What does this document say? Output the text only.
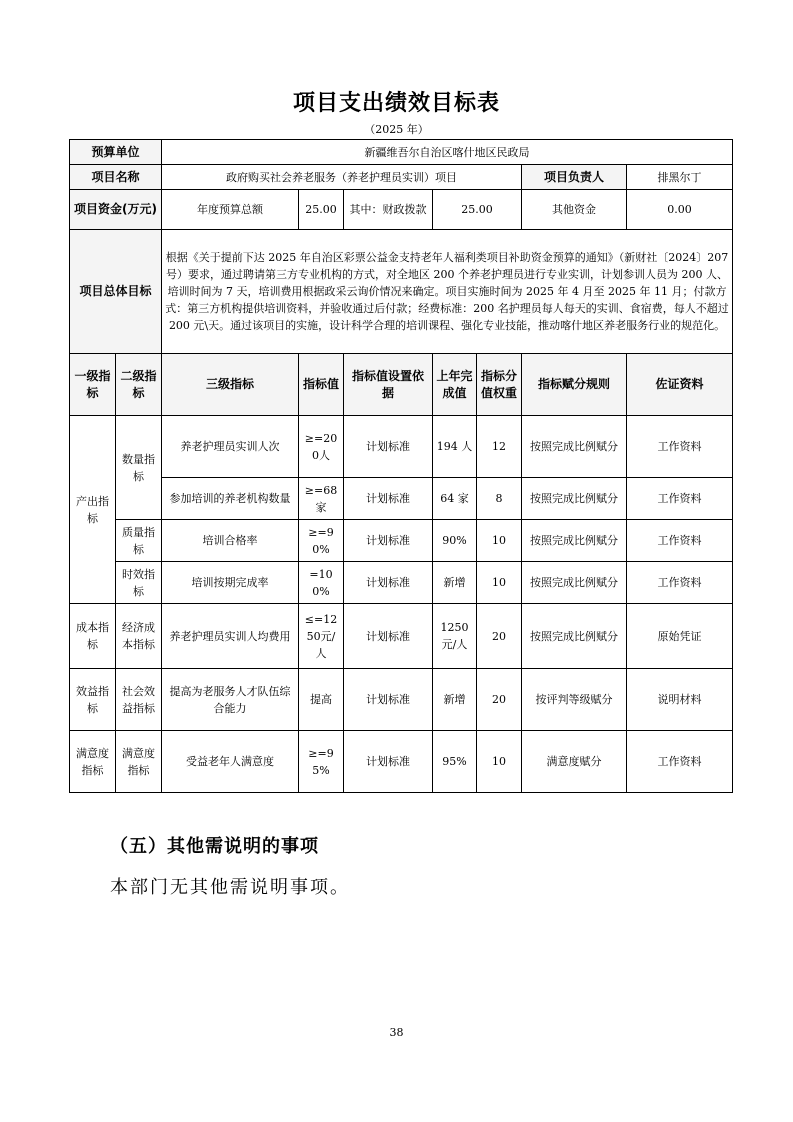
项目支出绩效目标表
（2025 年）
预算单位		新疆维吾尔自治区喀什地区民政局						
项目名称		政府购买社会养老服务（养老护理员实训）项目					项目负责人	排黑尔丁
项目资金(万元)		年度预算总额	25.00	其中：财政拨款	25.00		其他资金	0.00
项目总体目标		根据《关于提前下达 2025 年自治区彩票公益金支持老年人福利类项目补助资金预算的通知》（新财社〔2024〕207 号）要求，通过聘请第三方专业机构的方式，对全地区 200 个养老护理员进行专业实训，计划参训人员为 200 人、培训时间为 7 天，培训费用根据政采云询价情况来确定。项目实施时间为 2025 年 4 月至 2025 年 11 月；付款方式：第三方机构提供培训资料，并验收通过后付款；经费标准：200 名护理员每人每天的实训、食宿费，每人不超过 200 元\天。通过该项目的实施，设计科学合理的培训课程、强化专业技能，推动喀什地区养老服务行业的规范化。						
一级指标	二级指标	三级指标	指标值	指标值设置依据	上年完成值	指标分值权重	指标赋分规则	佐证资料
产出指标	数量指标	养老护理员实训人次	≥=200人	计划标准	194 人	12	按照完成比例赋分	工作资料
		参加培训的养老机构数量	≥=68家	计划标准	64 家	8	按照完成比例赋分	工作资料
	质量指标	培训合格率	≥=90%	计划标准	90%	10	按照完成比例赋分	工作资料
	时效指标	培训按期完成率	=100%	计划标准	新增	10	按照完成比例赋分	工作资料
成本指标	经济成本指标	养老护理员实训人均费用	≤=1250元/人	计划标准	1250元/人	20	按照完成比例赋分	原始凭证
效益指标	社会效益指标	提高为老服务人才队伍综合能力	提高	计划标准	新增	20	按评判等级赋分	说明材料
满意度指标	满意度指标	受益老年人满意度	≥=95%	计划标准	95%	10	满意度赋分	工作资料
（五）其他需说明的事项
本部门无其他需说明事项。
38
